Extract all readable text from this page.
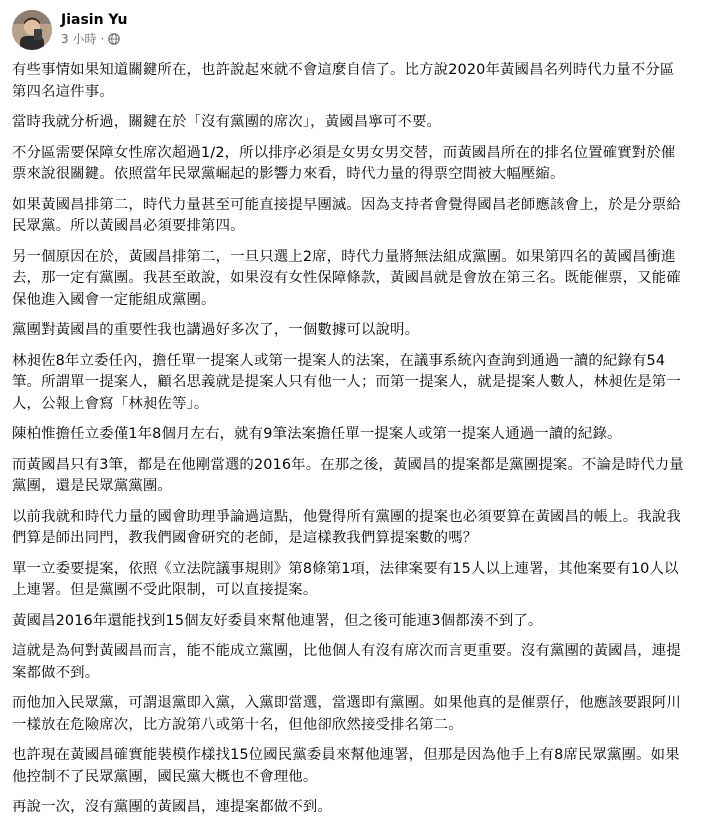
Jiasin Yu
3 小時 ·

有些事情如果知道關鍵所在，也許說起來就不會這麼自信了。比方說2020年黃國昌名列時代力量不分區第四名這件事。

當時我就分析過，關鍵在於「沒有黨團的席次」，黃國昌寧可不要。

不分區需要保障女性席次超過1/2，所以排序必須是女男女男交替，而黃國昌所在的排名位置確實對於催票來說很關鍵。依照當年民眾黨崛起的影響力來看，時代力量的得票空間被大幅壓縮。

如果黃國昌排第二，時代力量甚至可能直接提早團滅。因為支持者會覺得國昌老師應該會上，於是分票給民眾黨。所以黃國昌必須要排第四。

另一個原因在於，黃國昌排第二，一旦只選上2席，時代力量將無法組成黨團。如果第四名的黃國昌衝進去，那一定有黨團。我甚至敢說，如果沒有女性保障條款，黃國昌就是會放在第三名。既能催票，又能確保他進入國會一定能組成黨團。

黨團對黃國昌的重要性我也講過好多次了，一個數據可以說明。

林昶佐8年立委任內，擔任單一提案人或第一提案人的法案，在議事系統內查詢到通過一讀的紀錄有54筆。所謂單一提案人，顧名思義就是提案人只有他一人；而第一提案人，就是提案人數人，林昶佐是第一人，公報上會寫「林昶佐等」。

陳柏惟擔任立委僅1年8個月左右，就有9筆法案擔任單一提案人或第一提案人通過一讀的紀錄。

而黃國昌只有3筆，都是在他剛當選的2016年。在那之後，黃國昌的提案都是黨團提案。不論是時代力量黨團，還是民眾黨黨團。

以前我就和時代力量的國會助理爭論過這點，他覺得所有黨團的提案也必須要算在黃國昌的帳上。我說我們算是師出同門，教我們國會研究的老師，是這樣教我們算提案數的嗎？

單一立委要提案，依照《立法院議事規則》第8條第1項，法律案要有15人以上連署，其他案要有10人以上連署。但是黨團不受此限制，可以直接提案。

黃國昌2016年還能找到15個友好委員來幫他連署，但之後可能連3個都湊不到了。

這就是為何對黃國昌而言，能不能成立黨團，比他個人有沒有席次而言更重要。沒有黨團的黃國昌，連提案都做不到。

而他加入民眾黨，可謂退黨即入黨，入黨即當選，當選即有黨團。如果他真的是催票仔，他應該要跟阿川一樣放在危險席次，比方說第八或第十名，但他卻欣然接受排名第二。

也許現在黃國昌確實能裝模作樣找15位國民黨委員來幫他連署，但那是因為他手上有8席民眾黨團。如果他控制不了民眾黨團，國民黨大概也不會理他。

再說一次，沒有黨團的黃國昌，連提案都做不到。
